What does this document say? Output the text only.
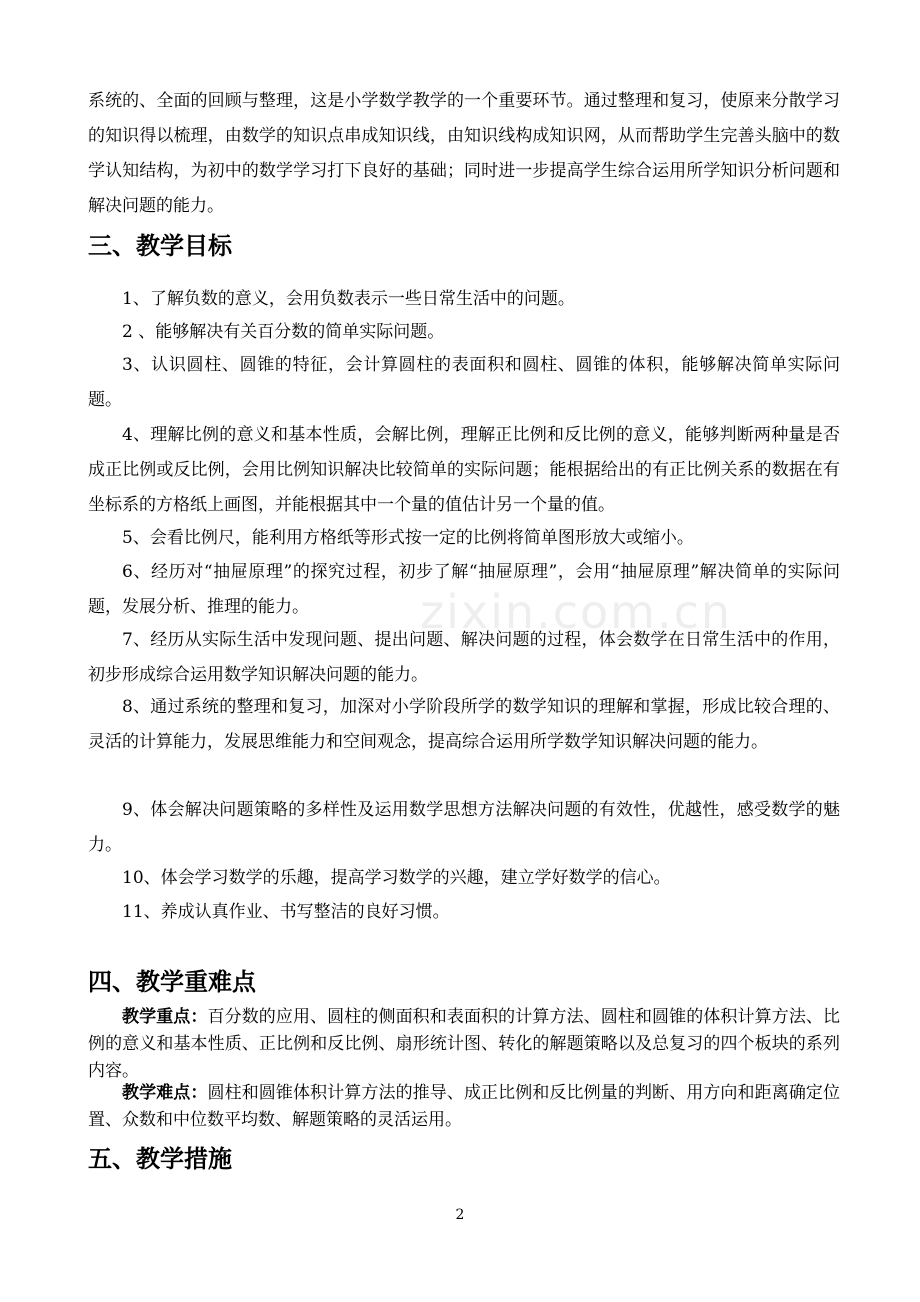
系统的、全面的回顾与整理，这是小学数学教学的一个重要环节。通过整理和复习，使原来分散学习的知识得以梳理，由数学的知识点串成知识线，由知识线构成知识网，从而帮助学生完善头脑中的数学认知结构，为初中的数学学习打下良好的基础；同时进一步提高学生综合运用所学知识分析问题和解决问题的能力。

三、教学目标

1、了解负数的意义，会用负数表示一些日常生活中的问题。

2 、能够解决有关百分数的简单实际问题。

3、认识圆柱、圆锥的特征，会计算圆柱的表面积和圆柱、圆锥的体积，能够解决简单实际问题。

4、理解比例的意义和基本性质，会解比例，理解正比例和反比例的意义，能够判断两种量是否成正比例或反比例，会用比例知识解决比较简单的实际问题；能根据给出的有正比例关系的数据在有坐标系的方格纸上画图，并能根据其中一个量的值估计另一个量的值。

5、会看比例尺，能利用方格纸等形式按一定的比例将简单图形放大或缩小。

6、经历对“抽屉原理”的探究过程，初步了解“抽屉原理”，会用“抽屉原理”解决简单的实际问题，发展分析、推理的能力。

7、经历从实际生活中发现问题、提出问题、解决问题的过程，体会数学在日常生活中的作用，初步形成综合运用数学知识解决问题的能力。

8、通过系统的整理和复习，加深对小学阶段所学的数学知识的理解和掌握，形成比较合理的、灵活的计算能力，发展思维能力和空间观念，提高综合运用所学数学知识解决问题的能力。

9、体会解决问题策略的多样性及运用数学思想方法解决问题的有效性，优越性，感受数学的魅力。

10、体会学习数学的乐趣，提高学习数学的兴趣，建立学好数学的信心。

11、养成认真作业、书写整洁的良好习惯。

四、教学重难点

教学重点：百分数的应用、圆柱的侧面积和表面积的计算方法、圆柱和圆锥的体积计算方法、比例的意义和基本性质、正比例和反比例、扇形统计图、转化的解题策略以及总复习的四个板块的系列内容。

教学难点：圆柱和圆锥体积计算方法的推导、成正比例和反比例量的判断、用方向和距离确定位置、众数和中位数平均数、解题策略的灵活运用。

五、教学措施
zixin.com.cn
2
